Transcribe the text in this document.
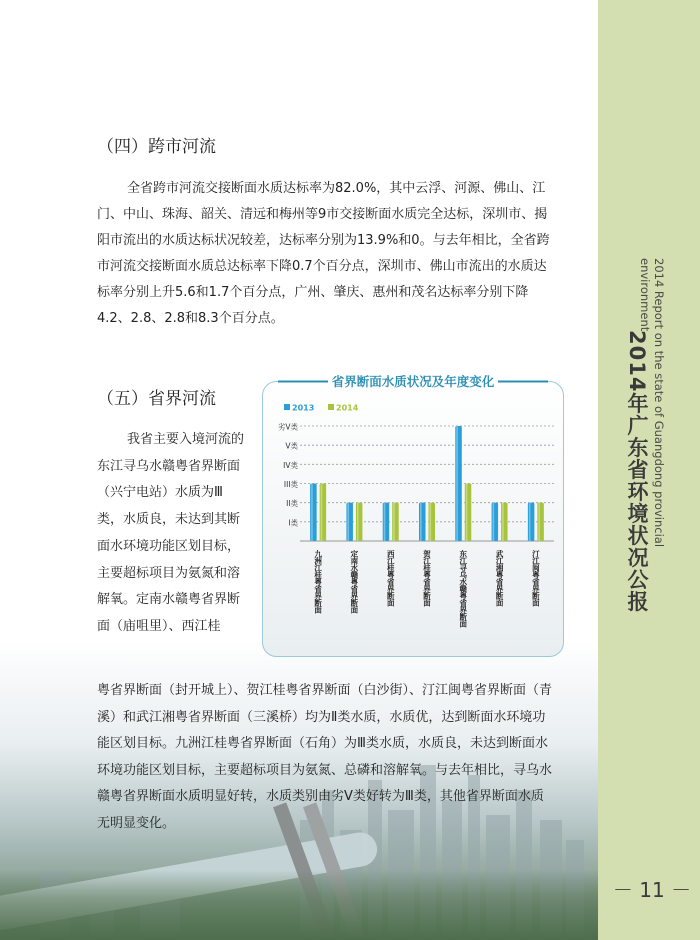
2014年广东省环境状况公报 2014 Report on the state of Guangdong provincial environment

－ 11 －
（四）跨市河流

全省跨市河流交接断面水质达标率为82.0%，其中云浮、河源、佛山、江门、中山、珠海、韶关、清远和梅州等9市交接断面水质完全达标，深圳市、揭阳市流出的水质达标状况较差，达标率分别为13.9%和0。与去年相比，全省跨市河流交接断面水质总达标率下降0.7个百分点，深圳市、佛山市流出的水质达标率分别上升5.6和1.7个百分点，广州、肇庆、惠州和茂名达标率分别下降4.2、2.8、2.8和8.3个百分点。

（五）省界河流

我省主要入境河流的东江寻乌水赣粤省界断面（兴宁电站）水质为Ⅲ类，水质良，未达到其断面水环境功能区划目标，主要超标项目为氨氮和溶解氧。定南水赣粤省界断面（庙咀里）、西江桂

粤省界断面（封开城上）、贺江桂粤省界断面（白沙街）、汀江闽粤省界断面（青溪）和武江湘粤省界断面（三溪桥）均为Ⅱ类水质，水质优，达到断面水环境功能区划目标。九洲江桂粤省界断面（石角）为Ⅲ类水质，水质良，未达到断面水环境功能区划目标，主要超标项目为氨氮、总磷和溶解氧。与去年相比，寻乌水赣粤省界断面水质明显好转，水质类别由劣Ⅴ类好转为Ⅲ类，其他省界断面水质无明显变化。

省界断面水质状况及年度变化
2013	2014
I类
II类
III类
IV类
V类
劣V类
九洲江桂粤省界断面	定南水赣粤省界断面	西江桂粤省界断面	贺江桂粤省界断面	东江寻乌水赣粤省界断面	武江湘粤省界断面	汀江闽粤省界断面
